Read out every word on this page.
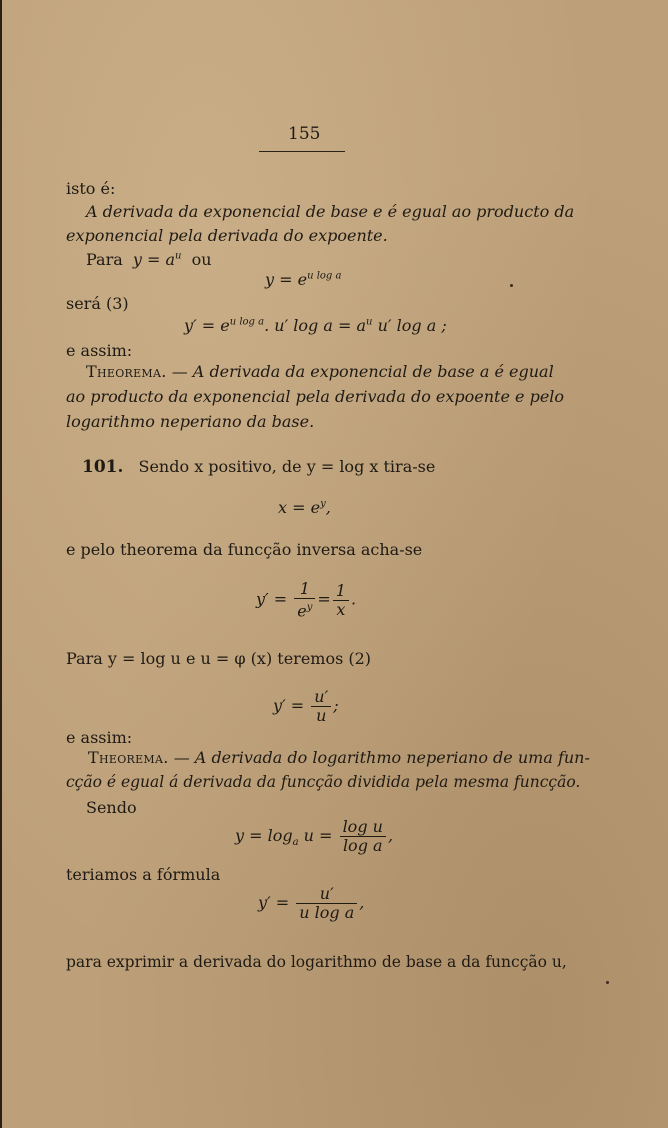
155
isto é:
A derivada da exponencial de base e é egual ao producto da
exponencial pela derivada do expoente.
Para $y = a^u$ ou
$y = e^{u log a}$
será (3)
$y' = e^{u log a}$. u′ $\log a = a^u$ u′ log a ;
e assim:
Theorema. — A derivada da exponencial de base a é egual
ao producto da exponencial pela derivada do expoente e pelo
logarithmo neperiano da base.
101. Sendo x positivo, de y = log x tira-se
$x = e^y$,
e pelo theorema da funcção inversa acha-se
$y' = \frac{1}{e^y} = \frac{1}{x}$ .
Para y = log u e u = φ (x) teremos (2)
$y' = \frac{u'}{u}$ ;
e assim:
Theorema. — A derivada do logarithmo neperiano de uma fun-
cção é egual á derivada da funcção dividida pela mesma funcção.
Sendo
$y = \log_a u = \frac{\text{log u}}{\text{log a}}$ ,
teriamos a fórmula
$y' = \frac{u'}{\text{u log a}}$ ,
para exprimir a derivada do logarithmo de base a da funcção u,
